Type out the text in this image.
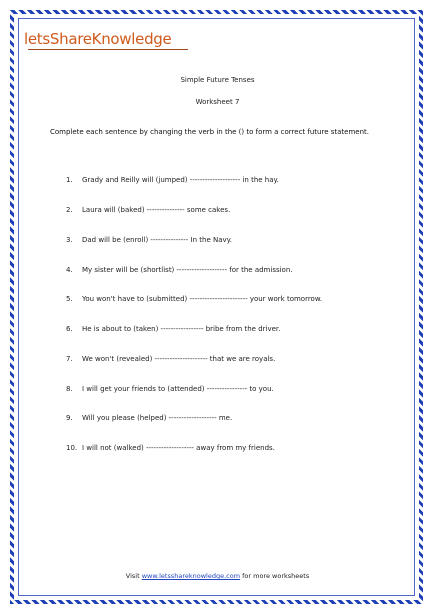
letsShareKnowledge
Simple Future Tenses
Worksheet 7
Complete each sentence by changing the verb in the () to form a correct future statement.
1. Grady and Reilly will (jumped) -------------------- in the hay.
2. Laura will (baked) --------------- some cakes.
3. Dad will be (enroll) --------------- In the Navy.
4. My sister will be (shortlist) -------------------- for the admission.
5. You won't have to (submitted) ----------------------- your work tomorrow.
6. He is about to (taken) ----------------- bribe from the driver.
7. We won't (revealed) --------------------- that we are royals.
8. I will get your friends to (attended) ---------------- to you.
9. Will you please (helped) ------------------- me.
10. I will not (walked) ------------------- away from my friends.
Visit www.letsshareknowledge.com for more worksheets
